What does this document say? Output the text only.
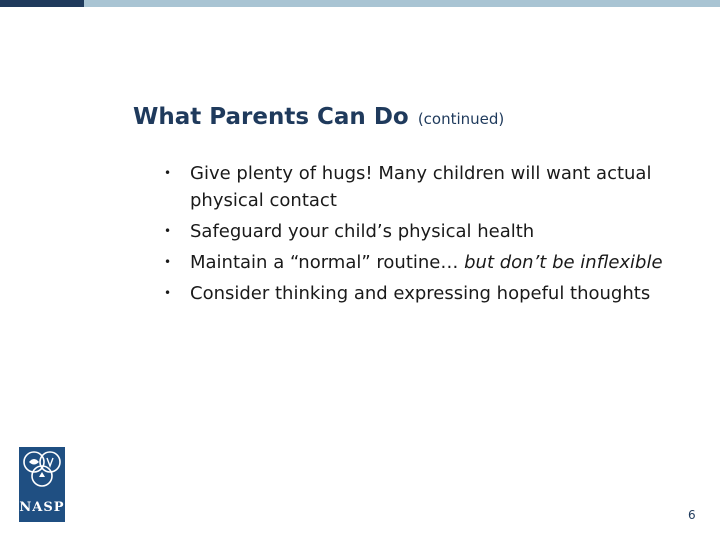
What Parents Can Do (continued)
• Give plenty of hugs! Many children will want actual physical contact
• Safeguard your child’s physical health
• Maintain a “normal” routine… but don’t be inflexible
• Consider thinking and expressing hopeful thoughts
NASP	6
